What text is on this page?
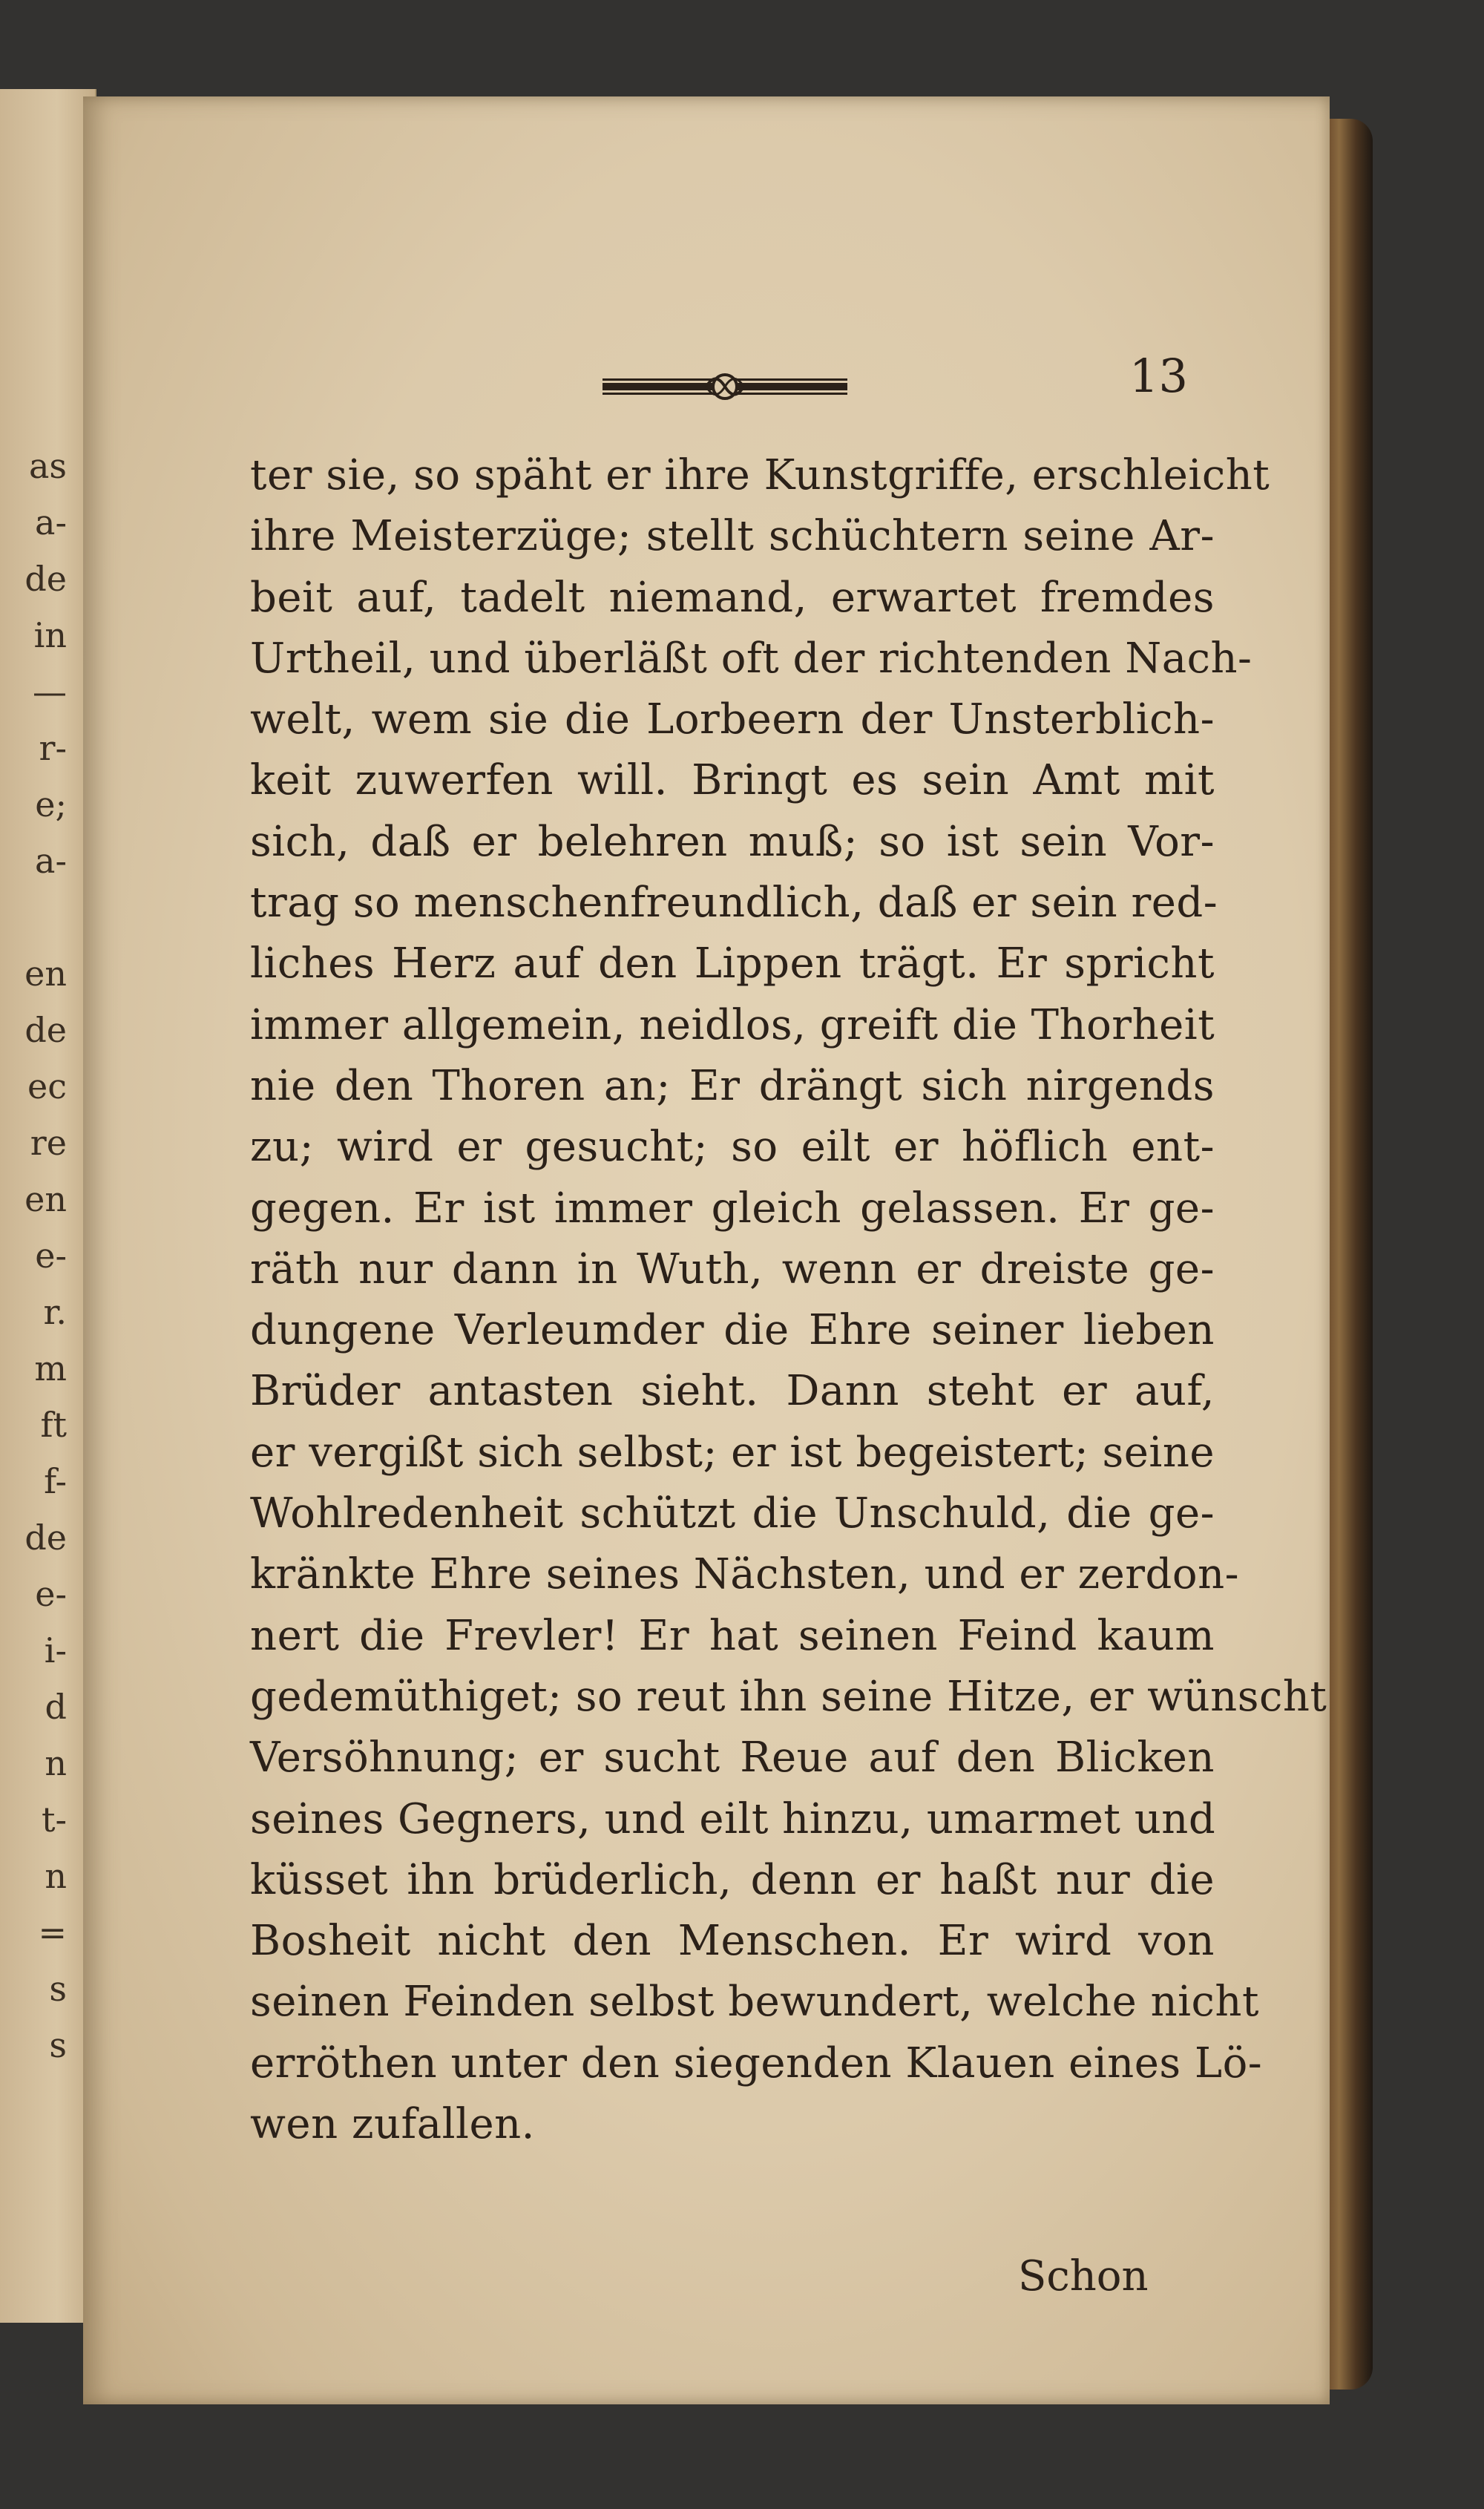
as
a-
de
in
—
r-
e;
a-
en
de
ec
re
en
e-
r.
m
ft
f-
de
e-
i-
d
n
t-
n
=
s
s
13
ter sie, so späht er ihre Kunstgriffe, erschleicht
ihre Meisterzüge; stellt schüchtern seine Ar-
beit auf, tadelt niemand, erwartet fremdes
Urtheil, und überläßt oft der richtenden Nach-
welt, wem sie die Lorbeern der Unsterblich-
keit zuwerfen will. Bringt es sein Amt mit
sich, daß er belehren muß; so ist sein Vor-
trag so menschenfreundlich, daß er sein red-
liches Herz auf den Lippen trägt. Er spricht
immer allgemein, neidlos, greift die Thorheit
nie den Thoren an; Er drängt sich nirgends
zu; wird er gesucht; so eilt er höflich ent-
gegen. Er ist immer gleich gelassen. Er ge-
räth nur dann in Wuth, wenn er dreiste ge-
dungene Verleumder die Ehre seiner lieben
Brüder antasten sieht. Dann steht er auf,
er vergißt sich selbst; er ist begeistert; seine
Wohlredenheit schützt die Unschuld, die ge-
kränkte Ehre seines Nächsten, und er zerdon-
nert die Frevler! Er hat seinen Feind kaum
gedemüthiget; so reut ihn seine Hitze, er wünscht
Versöhnung; er sucht Reue auf den Blicken
seines Gegners, und eilt hinzu, umarmet und
küsset ihn brüderlich, denn er haßt nur die
Bosheit nicht den Menschen. Er wird von
seinen Feinden selbst bewundert, welche nicht
erröthen unter den siegenden Klauen eines Lö-
wen zufallen.
Schon
